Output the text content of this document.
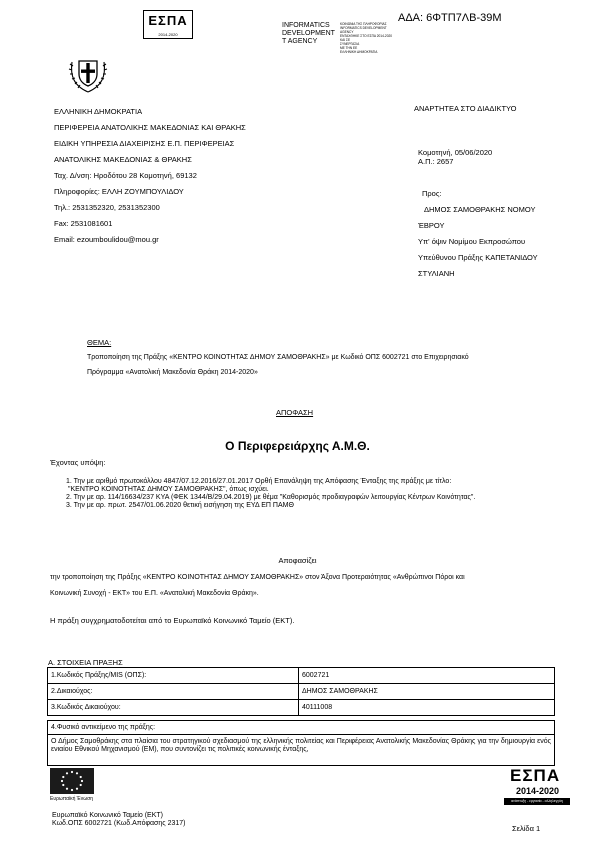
ΕΣΠΑ
2014-2020
INFORMATICS
DEVELOPMENT
T AGENCY
ΚΟΙΝΩΝΙΑ ΤΗΣ ΠΛΗΡΟΦΟΡΙΑΣ
INFORMATICS DEVELOPMENT AGENCY
ΕΝΤΑΧΘΗΚΕ ΣΤΟ ΕΣΠΑ 2014-2020
ΚΑΙ ΣΕ
ΣΥΝΕΡΓΑΣΙΑ
ΜΕ ΤΗΝ ΕΕ
ΕΛΛΗΝΙΚΗ ΔΗΜΟΚΡΑΤΙΑ
ΑΔΑ: 6ΦΤΠ7ΛΒ-39Μ
ΕΛΛΗΝΙΚΗ ΔΗΜΟΚΡΑΤΙΑ
ΠΕΡΙΦΕΡΕΙΑ ΑΝΑΤΟΛΙΚΗΣ ΜΑΚΕΔΟΝΙΑΣ ΚΑΙ ΘΡΑΚΗΣ
ΕΙΔΙΚΗ ΥΠΗΡΕΣΙΑ ΔΙΑΧΕΙΡΙΣΗΣ Ε.Π. ΠΕΡΙΦΕΡΕΙΑΣ
ΑΝΑΤΟΛΙΚΗΣ ΜΑΚΕΔΟΝΙΑΣ & ΘΡΑΚΗΣ
Ταχ. Δ/νση: Ηροδότου 28 Κομοτηνή, 69132
Πληροφορίες: ΕΛΛΗ ΖΟΥΜΠΟΥΛΙΔΟΥ
Τηλ.: 2531352320, 2531352300
Fax: 2531081601
Email: ezoumboulidou@mou.gr
ΑΝΑΡΤΗΤΕΑ ΣΤΟ ΔΙΑΔΙΚΤΥΟ
Κομοτηνή, 05/06/2020
Α.Π.: 2657
Προς:
ΔΗΜΟΣ ΣΑΜΟΘΡΑΚΗΣ ΝΟΜΟΥ
ΈΒΡΟΥ
Υπ' όψιν Νομίμου Εκπροσώπου
Υπεύθυνου Πράξης ΚΑΠΕΤΑΝΙΔΟΥ
ΣΤΥΛΙΑΝΗ
ΘΕΜΑ:
Τροποποίηση της Πράξης «ΚΕΝΤΡΟ ΚΟΙΝΟΤΗΤΑΣ ΔΗΜΟΥ ΣΑΜΟΘΡΑΚΗΣ» με Κωδικό ΟΠΣ 6002721 στο Επιχειρησιακό
Πρόγραμμα «Ανατολική Μακεδονία Θράκη 2014-2020»
ΑΠΟΦΑΣΗ
Ο Περιφερειάρχης Α.Μ.Θ.
Έχοντας υπόψη:
1. Την με αριθμό πρωτοκόλλου 4847/07.12.2016/27.01.2017 Ορθή Επανάληψη της Απόφασης Ένταξης της πράξης με τίτλο:
"ΚΕΝΤΡΟ ΚΟΙΝΟΤΗΤΑΣ ΔΗΜΟΥ ΣΑΜΟΘΡΑΚΗΣ", όπως ισχύει.
2. Την με αρ. 114/16634/237 ΚΥΑ (ΦΕΚ 1344/Β/29.04.2019) με θέμα "Καθορισμός προδιαγραφών λειτουργίας Κέντρων Κοινότητας".
3. Την με αρ. πρωτ. 2547/01.06.2020 θετική εισήγηση της ΕΥΔ ΕΠ ΠΑΜΘ
Αποφασίζει
την τροποποίηση της Πράξης «ΚΕΝΤΡΟ ΚΟΙΝΟΤΗΤΑΣ ΔΗΜΟΥ ΣΑΜΟΘΡΑΚΗΣ» στον Άξονα Προτεραιότητας «Ανθρώπινοι Πόροι και
Κοινωνική Συνοχή - ΕΚΤ» του Ε.Π. «Ανατολική Μακεδονία Θράκη».
Η πράξη συγχρηματοδοτείται από το Ευρωπαϊκό Κοινωνικό Ταμείο (ΕΚΤ).
Α. ΣΤΟΙΧΕΙΑ ΠΡΑΞΗΣ
1.Κωδικός Πράξης/MIS (ΟΠΣ):	6002721
2.Δικαιούχος:	ΔΗΜΟΣ ΣΑΜΟΘΡΑΚΗΣ
3.Κωδικός Δικαιούχου:	40111008
4.Φυσικό αντικείμενο της πράξης:
Ο Δήμος Σαμοθράκης στα πλαίσια του στρατηγικού σχεδιασμού της ελληνικής πολιτείας και Περιφέρειας Ανατολικής Μακεδονίας Θράκης για την δημιουργία ενός ενιαίου Εθνικού Μηχανισμού (ΕΜ), που συντονίζει τις πολιτικές κοινωνικής ένταξης,
Ευρωπαϊκή Ένωση
Ευρωπαϊκό Κοινωνικό Ταμείο (ΕΚΤ)
Κωδ.ΟΠΣ 6002721 (Κωδ.Απόφασης 2317)
ΕΣΠΑ
2014-2020
ανάπτυξη - εργασία - αλληλεγγύη
Σελίδα 1
